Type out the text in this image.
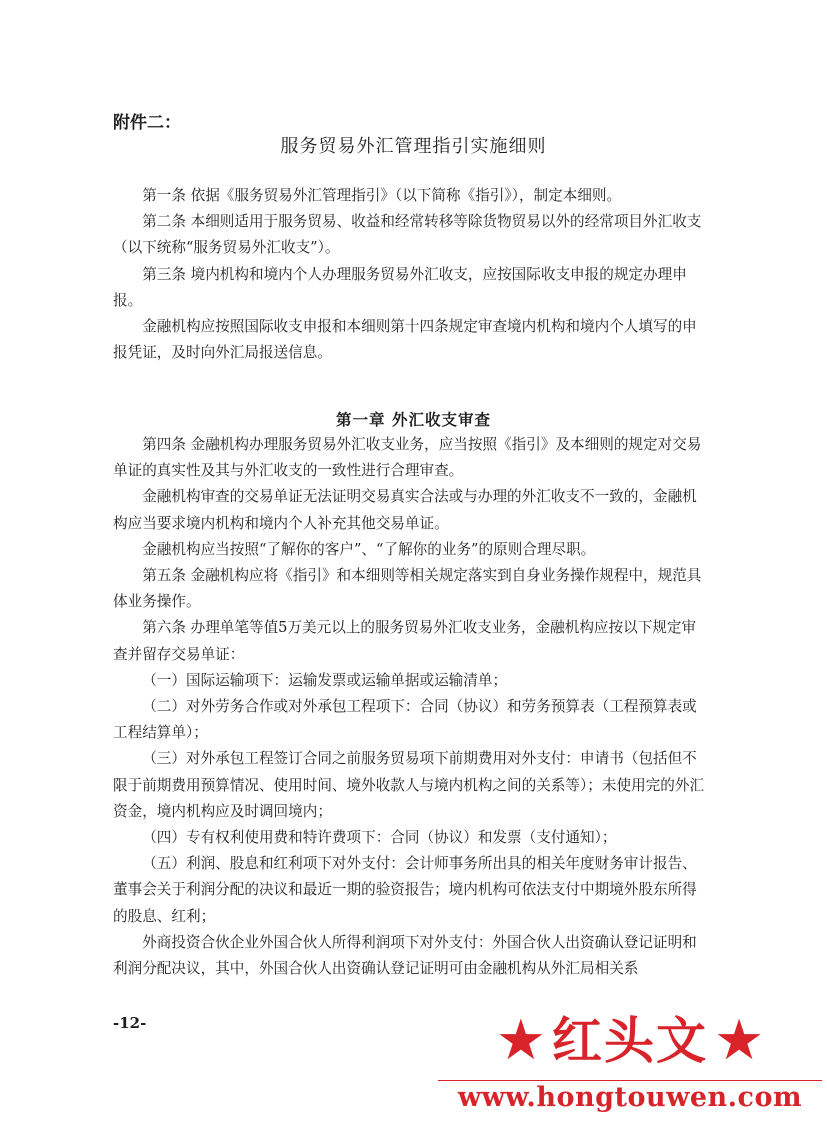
附件二：

服务贸易外汇管理指引实施细则

第一条 依据《服务贸易外汇管理指引》（以下简称《指引》），制定本细则。

第二条 本细则适用于服务贸易、收益和经常转移等除货物贸易以外的经常项目外汇收支（以下统称“服务贸易外汇收支”）。

第三条 境内机构和境内个人办理服务贸易外汇收支，应按国际收支申报的规定办理申报。

金融机构应按照国际收支申报和本细则第十四条规定审查境内机构和境内个人填写的申报凭证，及时向外汇局报送信息。

第一章 外汇收支审查

第四条 金融机构办理服务贸易外汇收支业务，应当按照《指引》及本细则的规定对交易单证的真实性及其与外汇收支的一致性进行合理审查。

金融机构审查的交易单证无法证明交易真实合法或与办理的外汇收支不一致的，金融机构应当要求境内机构和境内个人补充其他交易单证。

金融机构应当按照“了解你的客户”、“了解你的业务”的原则合理尽职。

第五条 金融机构应将《指引》和本细则等相关规定落实到自身业务操作规程中，规范具体业务操作。

第六条 办理单笔等值5万美元以上的服务贸易外汇收支业务，金融机构应按以下规定审查并留存交易单证：

（一）国际运输项下：运输发票或运输单据或运输清单；

（二）对外劳务合作或对外承包工程项下：合同（协议）和劳务预算表（工程预算表或工程结算单）；

（三）对外承包工程签订合同之前服务贸易项下前期费用对外支付：申请书（包括但不限于前期费用预算情况、使用时间、境外收款人与境内机构之间的关系等）；未使用完的外汇资金，境内机构应及时调回境内；

（四）专有权利使用费和特许费项下：合同（协议）和发票（支付通知）；

（五）利润、股息和红利项下对外支付：会计师事务所出具的相关年度财务审计报告、董事会关于利润分配的决议和最近一期的验资报告；境内机构可依法支付中期境外股东所得的股息、红利；

外商投资合伙企业外国合伙人所得利润项下对外支付：外国合伙人出资确认登记证明和利润分配决议，其中，外国合伙人出资确认登记证明可由金融机构从外汇局相关系

-12-	★ 红头文 ★
www.hongtouwen.com
